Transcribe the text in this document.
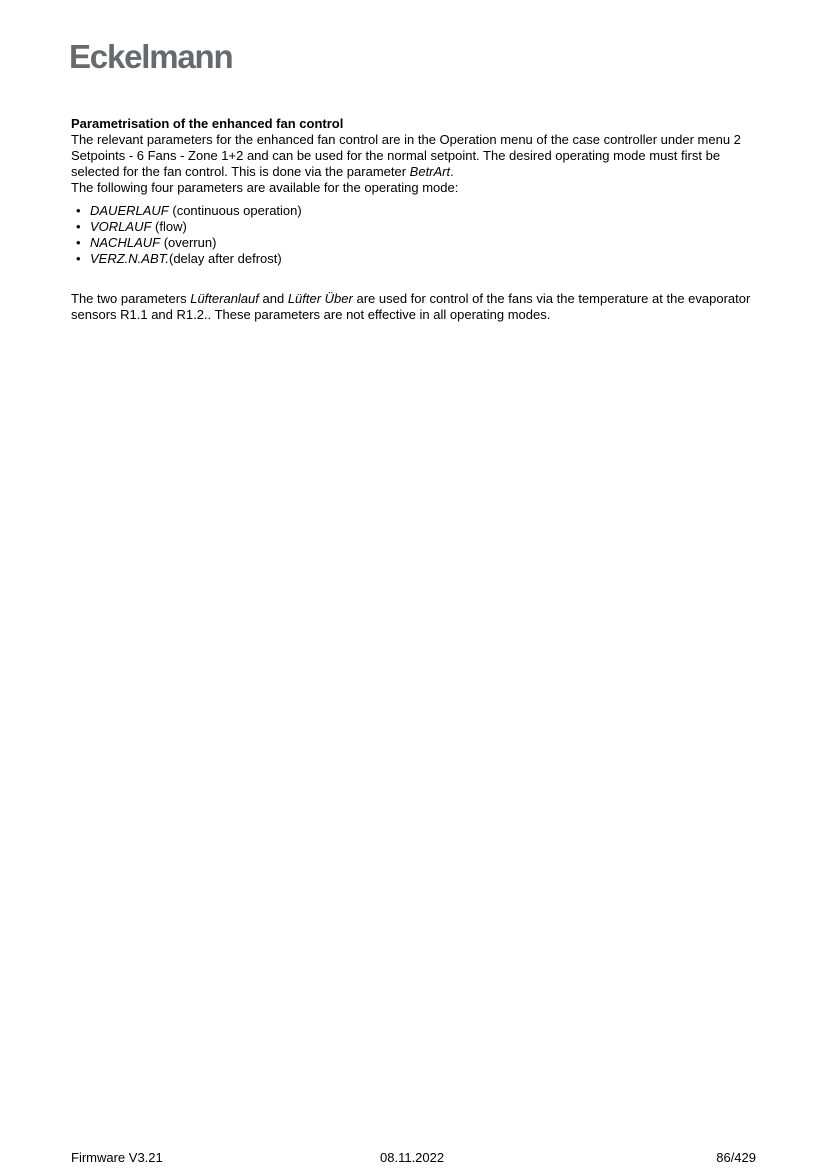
Eckelmann

Parametrisation of the enhanced fan control

The relevant parameters for the enhanced fan control are in the Operation menu of the case controller under menu 2 Setpoints - 6 Fans - Zone 1+2 and can be used for the normal setpoint. The desired operating mode must first be selected for the fan control. This is done via the parameter BetrArt.

The following four parameters are available for the operating mode:

• DAUERLAUF (continuous operation)
• VORLAUF (flow)
• NACHLAUF (overrun)
• VERZ.N.ABT.(delay after defrost)

The two parameters Lüfteranlauf and Lüfter Über are used for control of the fans via the temperature at the evaporator sensors R1.1 and R1.2.. These parameters are not effective in all operating modes.

Firmware V3.21	08.11.2022	86/429
